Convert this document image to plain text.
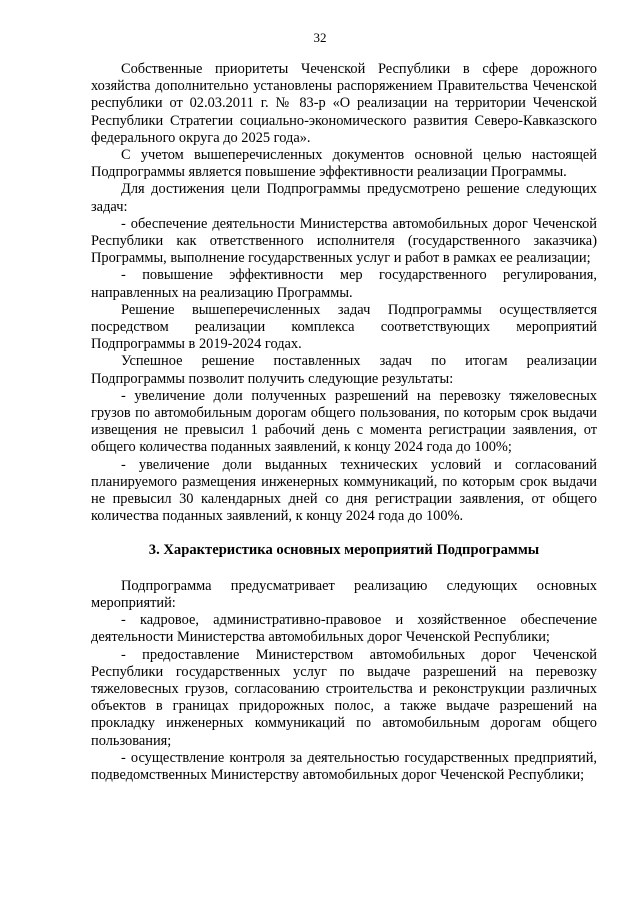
32

Собственные приоритеты Чеченской Республики в сфере дорожного хозяйства дополнительно установлены распоряжением Правительства Чеченской республики от 02.03.2011 г. № 83-р «О реализации на территории Чеченской Республики Стратегии социально-экономического развития Северо-Кавказского федерального округа до 2025 года».

С учетом вышеперечисленных документов основной целью настоящей Подпрограммы является повышение эффективности реализации Программы.

Для достижения цели Подпрограммы предусмотрено решение следующих задач:

- обеспечение деятельности Министерства автомобильных дорог Чеченской Республики как ответственного исполнителя (государственного заказчика) Программы, выполнение государственных услуг и работ в рамках ее реализации;

- повышение эффективности мер государственного регулирования, направленных на реализацию Программы.

Решение вышеперечисленных задач Подпрограммы осуществляется посредством реализации комплекса соответствующих мероприятий Подпрограммы в 2019-2024 годах.

Успешное решение поставленных задач по итогам реализации Подпрограммы позволит получить следующие результаты:

- увеличение доли полученных разрешений на перевозку тяжеловесных грузов по автомобильным дорогам общего пользования, по которым срок выдачи извещения не превысил 1 рабочий день с момента регистрации заявления, от общего количества поданных заявлений, к концу 2024 года до 100%;

- увеличение доли выданных технических условий и согласований планируемого размещения инженерных коммуникаций, по которым срок выдачи не превысил 30 календарных дней со дня регистрации заявления, от общего количества поданных заявлений, к концу 2024 года до 100%.

3. Характеристика основных мероприятий Подпрограммы

Подпрограмма предусматривает реализацию следующих основных мероприятий:

- кадровое, административно-правовое и хозяйственное обеспечение деятельности Министерства автомобильных дорог Чеченской Республики;

- предоставление Министерством автомобильных дорог Чеченской Республики государственных услуг по выдаче разрешений на перевозку тяжеловесных грузов, согласованию строительства и реконструкции различных объектов в границах придорожных полос, а также выдаче разрешений на прокладку инженерных коммуникаций по автомобильным дорогам общего пользования;

- осуществление контроля за деятельностью государственных предприятий, подведомственных Министерству автомобильных дорог Чеченской Республики;
